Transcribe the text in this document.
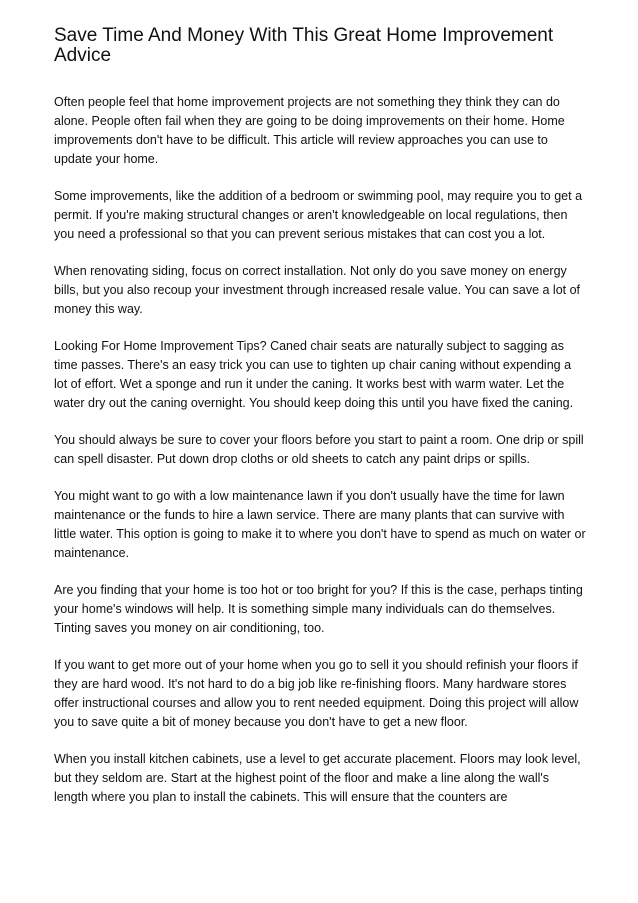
Save Time And Money With This Great Home Improvement Advice

Often people feel that home improvement projects are not something they think they can do alone. People often fail when they are going to be doing improvements on their home. Home improvements don't have to be difficult. This article will review approaches you can use to update your home.

Some improvements, like the addition of a bedroom or swimming pool, may require you to get a permit. If you're making structural changes or aren't knowledgeable on local regulations, then you need a professional so that you can prevent serious mistakes that can cost you a lot.

When renovating siding, focus on correct installation. Not only do you save money on energy bills, but you also recoup your investment through increased resale value. You can save a lot of money this way.

Looking For Home Improvement Tips? Caned chair seats are naturally subject to sagging as time passes. There's an easy trick you can use to tighten up chair caning without expending a lot of effort. Wet a sponge and run it under the caning. It works best with warm water. Let the water dry out the caning overnight. You should keep doing this until you have fixed the caning.

You should always be sure to cover your floors before you start to paint a room. One drip or spill can spell disaster. Put down drop cloths or old sheets to catch any paint drips or spills.

You might want to go with a low maintenance lawn if you don't usually have the time for lawn maintenance or the funds to hire a lawn service. There are many plants that can survive with little water. This option is going to make it to where you don't have to spend as much on water or maintenance.

Are you finding that your home is too hot or too bright for you? If this is the case, perhaps tinting your home's windows will help. It is something simple many individuals can do themselves. Tinting saves you money on air conditioning, too.

If you want to get more out of your home when you go to sell it you should refinish your floors if they are hard wood. It's not hard to do a big job like re-finishing floors. Many hardware stores offer instructional courses and allow you to rent needed equipment. Doing this project will allow you to save quite a bit of money because you don't have to get a new floor.

When you install kitchen cabinets, use a level to get accurate placement. Floors may look level, but they seldom are. Start at the highest point of the floor and make a line along the wall's length where you plan to install the cabinets. This will ensure that the counters are
